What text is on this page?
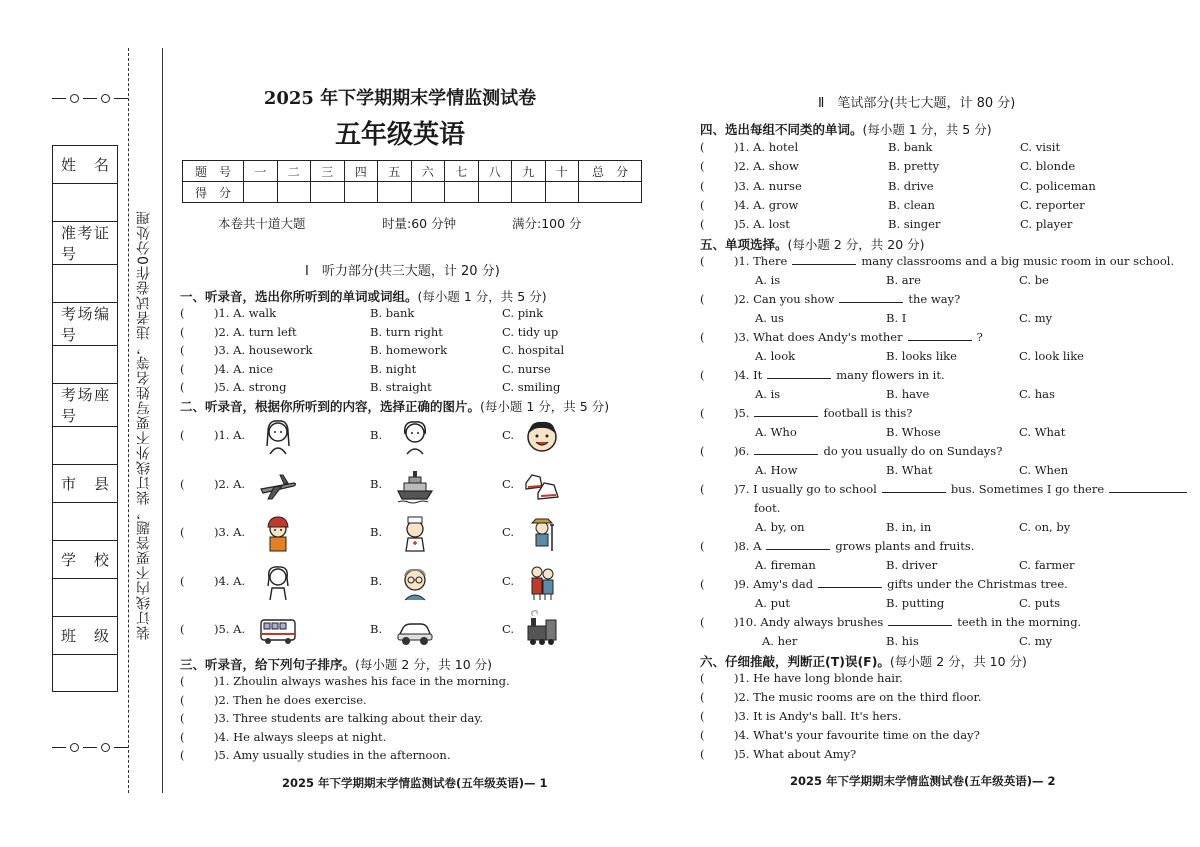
姓名

准考证号

考场编号

考场座号

市县

学校

班级 装订线内不要答题，装订线外不要写姓名等，违者试卷作0分处理
2025 年下学期期末学情监测试卷
五年级英语
题　号	一	二	三	四	五	六	七	八	九	十	总　分
得　分											
本卷共十道大题	时量:60 分钟	满分:100 分
Ⅰ　听力部分(共三大题，计 20 分)
一、听录音，选出你所听到的单词或词组。(每小题 1 分，共 5 分)
(	)1. A. walk	B. bank	C. pink
(	)2. A. turn left	B. turn right	C. tidy up
(	)3. A. housework	B. homework	C. hospital
(	)4. A. nice	B. night	C. nurse
(	)5. A. strong	B. straight	C. smiling
二、听录音，根据你所听到的内容，选择正确的图片。(每小题 1 分，共 5 分)
(	)1. A.	B.	C.
(	)2. A.	B.	C.
(	)3. A.	B.	C.
(	)4. A.	B.	C.
(	)5. A.	B.	C.
三、听录音，给下列句子排序。(每小题 2 分，共 10 分)
(	)1. Zhoulin always washes his face in the morning.
(	)2. Then he does exercise.
(	)3. Three students are talking about their day.
(	)4. He always sleeps at night.
(	)5. Amy usually studies in the afternoon.
2025 年下学期期末学情监测试卷(五年级英语)— 1
Ⅱ　笔试部分(共七大题，计 80 分)
四、选出每组不同类的单词。(每小题 1 分，共 5 分)
(	)1. A. hotel	B. bank	C. visit
(	)2. A. show	B. pretty	C. blonde
(	)3. A. nurse	B. drive	C. policeman
(	)4. A. grow	B. clean	C. reporter
(	)5. A. lost	B. singer	C. player
五、单项选择。(每小题 2 分，共 20 分)
(	)1. There	many classrooms and a big music room in our school.
A. is	B. are	C. be
(	)2. Can you show	the way?
A. us	B. I	C. my
(	)3. What does Andy's mother	?
A. look	B. looks like	C. look like
(	)4. It	many flowers in it.
A. is	B. have	C. has
(	)5.	football is this?
A. Who	B. Whose	C. What
(	)6.	do you usually do on Sundays?
A. How	B. What	C. When
(	)7. I usually go to school	bus. Sometimes I go there
foot.
A. by, on	B. in, in	C. on, by
(	)8. A	grows plants and fruits.
A. fireman	B. driver	C. farmer
(	)9. Amy's dad	gifts under the Christmas tree.
A. put	B. putting	C. puts
(	)10. Andy always brushes	teeth in the morning.
A. her	B. his	C. my
六、仔细推敲，判断正(T)误(F)。(每小题 2 分，共 10 分)
(	)1. He have long blonde hair.
(	)2. The music rooms are on the third floor.
(	)3. It is Andy's ball. It's hers.
(	)4. What's your favourite time on the day?
(	)5. What about Amy?
2025 年下学期期末学情监测试卷(五年级英语)— 2
